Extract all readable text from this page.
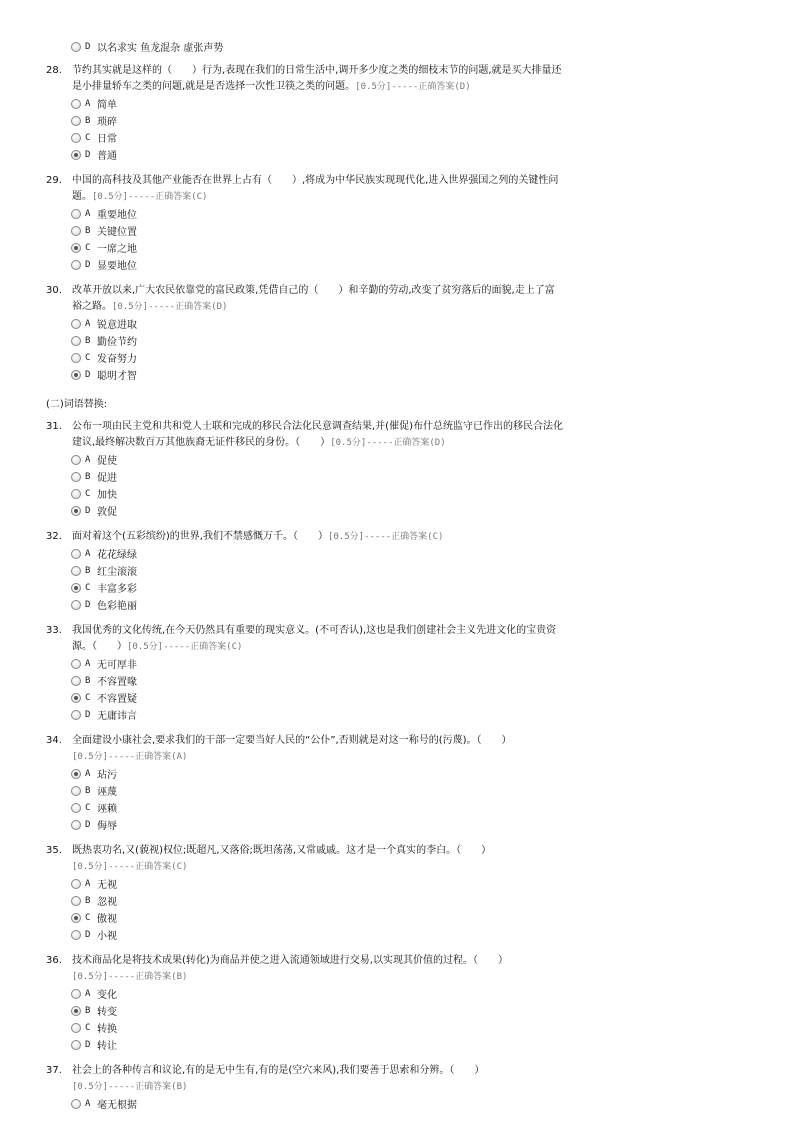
D 以名求实 鱼龙混杂 虚张声势
28.	节约其实就是这样的（　　）行为,表现在我们的日常生活中,调开多少度之类的细枝末节的问题,就是买大排量还
是小排量轿车之类的问题,就是是否选择一次性卫筷之类的问题。[0.5分]-----正确答案(D)
A 简单
B 琐碎
C 日常
D 普通
29.	中国的高科技及其他产业能否在世界上占有（　　）,将成为中华民族实现现代化,进入世界强国之列的关键性问
题。[0.5分]-----正确答案(C)
A 重要地位
B 关键位置
C 一席之地
D 显要地位
30.	改革开放以来,广大农民依靠党的富民政策,凭借自己的（　　）和辛勤的劳动,改变了贫穷落后的面貌,走上了富
裕之路。[0.5分]-----正确答案(D)
A 锐意进取
B 勤俭节约
C 发奋努力
D 聪明才智
(二)词语替换:
31.	公布一项由民主党和共和党人士联和完成的移民合法化民意调查结果,并(催促)布什总统监守已作出的移民合法化
建议,最终解决数百万其他族裔无证件移民的身份。（　　）[0.5分]-----正确答案(D)
A 促使
B 促进
C 加快
D 敦促
32.	面对着这个(五彩缤纷)的世界,我们不禁感慨万千。（　　）[0.5分]-----正确答案(C)
A 花花绿绿
B 红尘滚滚
C 丰富多彩
D 色彩艳丽
33.	我国优秀的文化传统,在今天仍然具有重要的现实意义。(不可否认),这也是我们创建社会主义先进文化的宝贵资
源。（　　）[0.5分]-----正确答案(C)
A 无可厚非
B 不容置喙
C 不容置疑
D 无庸讳言
34.	全面建设小康社会,要求我们的干部一定要当好人民的“公仆”,否则就是对这一称号的(污蔑)。（　　）
[0.5分]-----正确答案(A)
A 玷污
B 诬蔑
C 诬赖
D 侮辱
35.	既热衷功名,又(藐视)权位;既超凡,又落俗;既坦荡荡,又常戚戚。这才是一个真实的李白。（　　）
[0.5分]-----正确答案(C)
A 无视
B 忽视
C 傲视
D 小视
36.	技术商品化是将技术成果(转化)为商品并使之进入流通领域进行交易,以实现其价值的过程。（　　）
[0.5分]-----正确答案(B)
A 变化
B 转变
C 转换
D 转让
37.	社会上的各种传言和议论,有的是无中生有,有的是(空穴来风),我们要善于思索和分辨。（　　）
[0.5分]-----正确答案(B)
A 毫无根据
